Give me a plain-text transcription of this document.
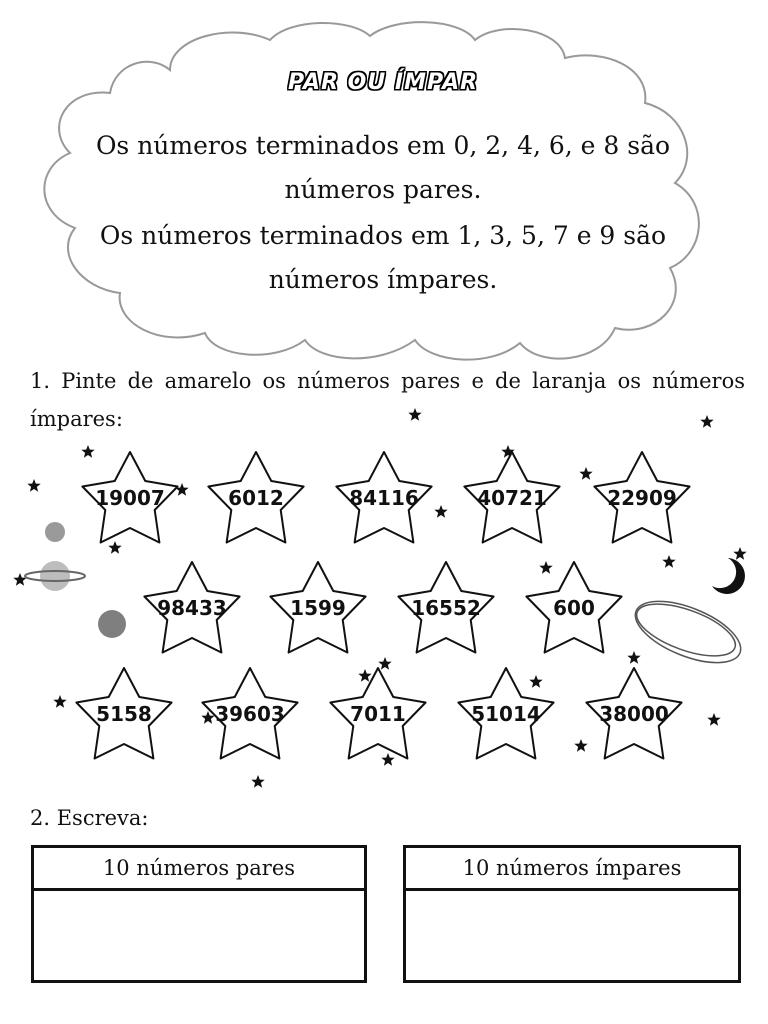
PAR OU ÍMPAR
Os números terminados em 0, 2, 4, 6, e 8 são
números pares.
Os números terminados em 1, 3, 5, 7 e 9 são
números ímpares.
1. Pinte de amarelo os números pares e de laranja os números ímpares:
19007	6012	84116	40721	22909
98433	1599	16552	600
5158	39603	7011	51014	38000
2. Escreva:
10 números pares	10 números ímpares
